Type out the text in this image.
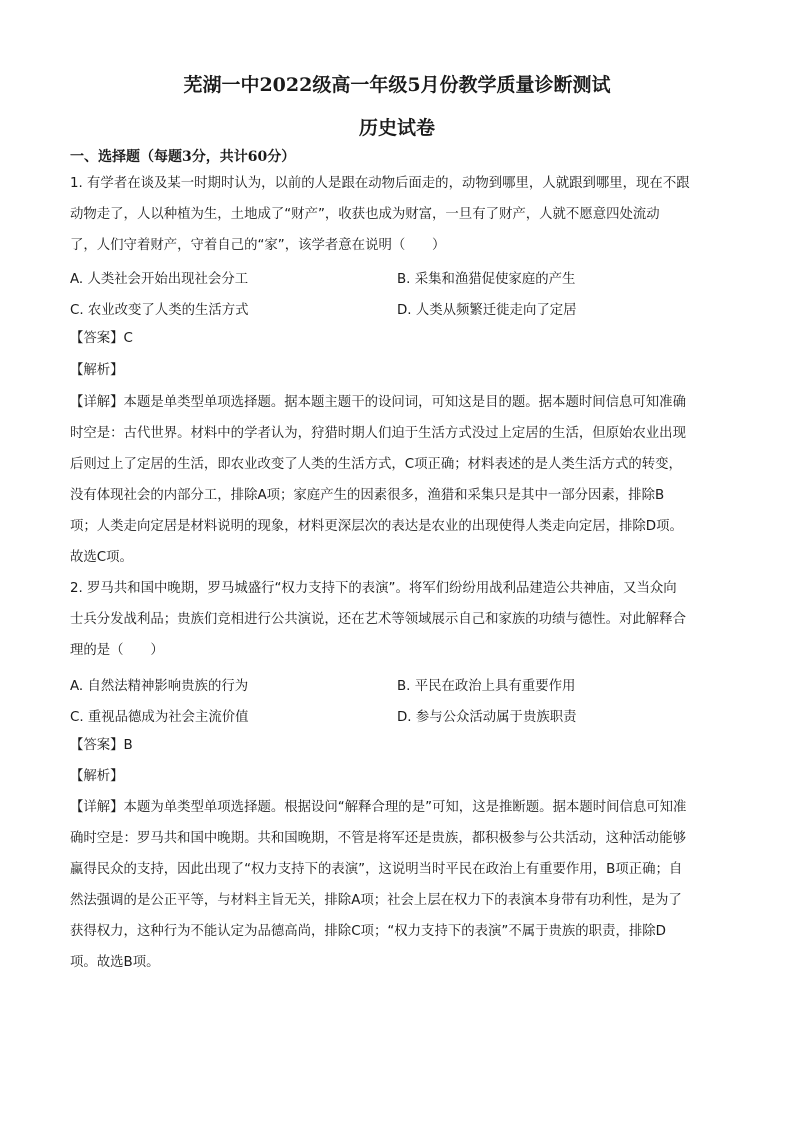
芜湖一中2022级高一年级5月份教学质量诊断测试
历史试卷
一、选择题（每题3分，共计60分）
1. 有学者在谈及某一时期时认为，以前的人是跟在动物后面走的，动物到哪里，人就跟到哪里，现在不跟
动物走了，人以种植为生，土地成了“财产”，收获也成为财富，一旦有了财产，人就不愿意四处流动
了，人们守着财产，守着自己的“家”，该学者意在说明（　　）
A. 人类社会开始出现社会分工	B. 采集和渔猎促使家庭的产生
C. 农业改变了人类的生活方式	D. 人类从频繁迁徙走向了定居
【答案】C
【解析】
【详解】本题是单类型单项选择题。据本题主题干的设问词，可知这是目的题。据本题时间信息可知准确
时空是：古代世界。材料中的学者认为，狩猎时期人们迫于生活方式没过上定居的生活，但原始农业出现
后则过上了定居的生活，即农业改变了人类的生活方式，C项正确；材料表述的是人类生活方式的转变，
没有体现社会的内部分工，排除A项；家庭产生的因素很多，渔猎和采集只是其中一部分因素，排除B
项；人类走向定居是材料说明的现象，材料更深层次的表达是农业的出现使得人类走向定居，排除D项。
故选C项。
2. 罗马共和国中晚期，罗马城盛行“权力支持下的表演”。将军们纷纷用战利品建造公共神庙，又当众向
士兵分发战利品；贵族们竞相进行公共演说，还在艺术等领域展示自己和家族的功绩与德性。对此解释合
理的是（　　）
A. 自然法精神影响贵族的行为	B. 平民在政治上具有重要作用
C. 重视品德成为社会主流价值	D. 参与公众活动属于贵族职责
【答案】B
【解析】
【详解】本题为单类型单项选择题。根据设问“解释合理的是”可知，这是推断题。据本题时间信息可知准
确时空是：罗马共和国中晚期。共和国晚期，不管是将军还是贵族，都积极参与公共活动，这种活动能够
赢得民众的支持，因此出现了“权力支持下的表演”，这说明当时平民在政治上有重要作用，B项正确；自
然法强调的是公正平等，与材料主旨无关，排除A项；社会上层在权力下的表演本身带有功利性，是为了
获得权力，这种行为不能认定为品德高尚，排除C项；“权力支持下的表演”不属于贵族的职责，排除D
项。故选B项。
